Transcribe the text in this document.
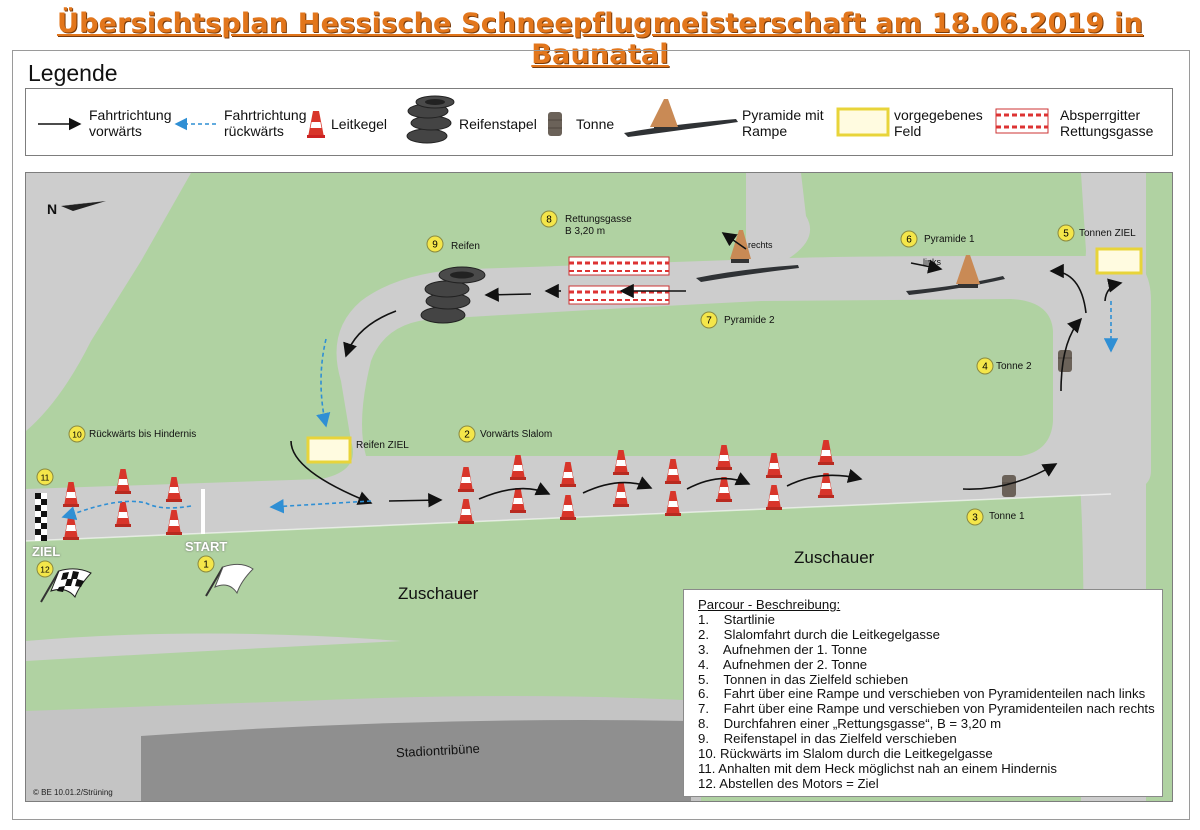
Übersichtsplan Hessische Schneepflugmeisterschaft am 18.06.2019 in Baunatal
Legende
Fahrtrichtung
vorwärts
Fahrtrichtung
rückwärts	Leitkegel	Reifenstapel	Tonne
Pyramide mit
Rampe
vorgegebenes
Feld
Absperrgitter
Rettungsgasse
1
2
3
4
5
6
7
8
9
10
11
12
N
START
ZIEL
Zuschauer
Zuschauer
Stadiontribüne
Reifen ZIEL
links
rechts
Vorwärts Slalom
Tonne 1
Tonne 2
Tonnen ZIEL
Pyramide 1
Pyramide 2
Rettungsgasse
B 3,20 m
Reifen
Rückwärts bis Hindernis
Parcour - Beschreibung:
1.    Startlinie
2.    Slalomfahrt durch die Leitkegelgasse
3.    Aufnehmen der 1. Tonne
4.    Aufnehmen der 2. Tonne
5.    Tonnen in das Zielfeld schieben
6.    Fahrt über eine Rampe und verschieben von Pyramidenteilen nach links
7.    Fahrt über eine Rampe und verschieben von Pyramidenteilen nach rechts
8.    Durchfahren einer „Rettungsgasse“, B = 3,20 m
9.    Reifenstapel in das Zielfeld verschieben
10. Rückwärts im Slalom durch die Leitkegelgasse
11. Anhalten mit dem Heck möglichst nah an einem Hindernis
12. Abstellen des Motors = Ziel
© BE 10.01.2/Strüning
